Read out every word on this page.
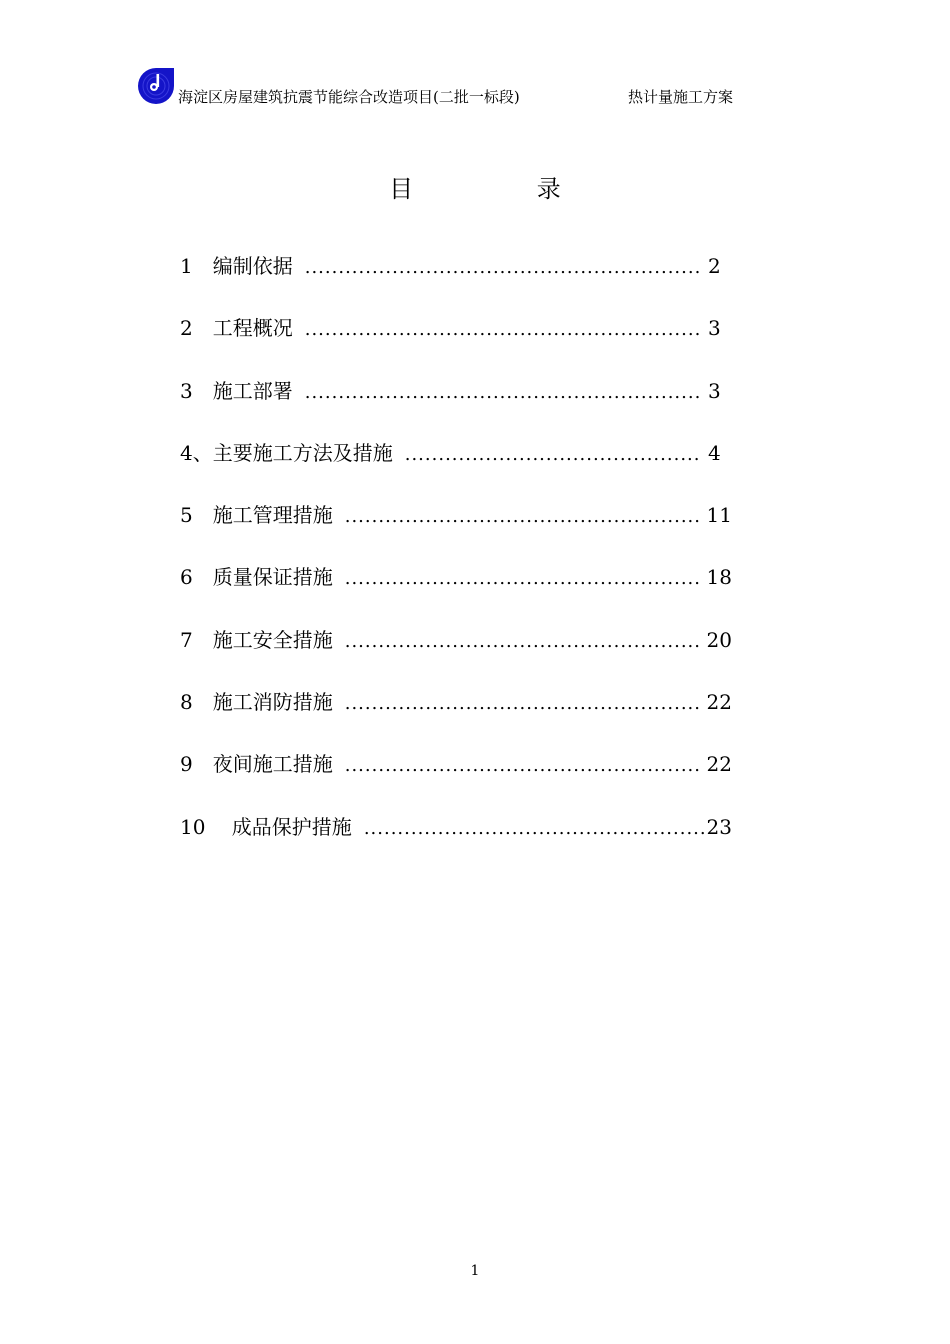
海淀区房屋建筑抗震节能综合改造项目(二批一标段)	热计量施工方案
目 录
1　编制依据 .....	2
2　工程概况 .....	3
3　施工部署 .....	3
4、主要施工方法及措施 .....	4
5　施工管理措施 .....	11
6　质量保证措施 .....	18
7　施工安全措施 .....	20
8　施工消防措施 .....	22
9　夜间施工措施 .....	22
10　 成品保护措施 .....	23
1
